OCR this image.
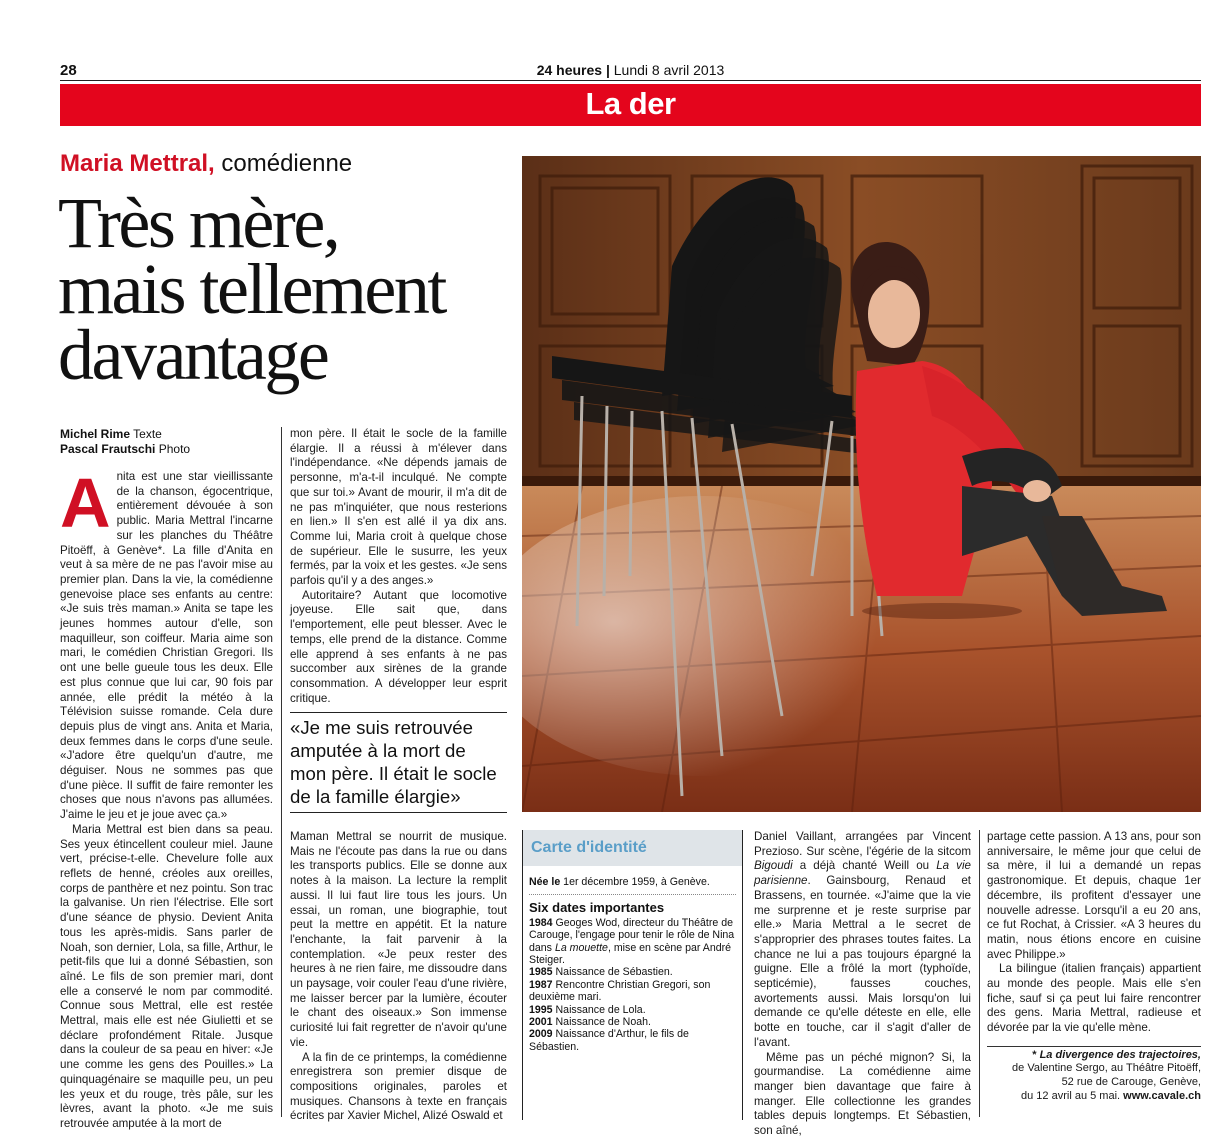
28	24 heures | Lundi 8 avril 2013
La der
Maria Mettral, comédienne
Très mère,
mais tellement
davantage
Michel Rime Texte
Pascal Frautschi Photo

Anita est une star vieillissante de la chanson, égocentrique, entièrement dévouée à son public. Maria Mettral l'incarne sur les planches du Théâtre Pitoëff, à Genève*. La fille d'Anita en veut à sa mère de ne pas l'avoir mise au premier plan. Dans la vie, la comédienne genevoise place ses enfants au centre: «Je suis très maman.» Anita se tape les jeunes hommes autour d'elle, son maquilleur, son coiffeur. Maria aime son mari, le comédien Christian Gregori. Ils ont une belle gueule tous les deux. Elle est plus connue que lui car, 90 fois par année, elle prédit la météo à la Télévision suisse romande. Cela dure depuis plus de vingt ans. Anita et Maria, deux femmes dans le corps d'une seule. «J'adore être quelqu'un d'autre, me déguiser. Nous ne sommes pas que d'une pièce. Il suffit de faire remonter les choses que nous n'avons pas allumées. J'aime le jeu et je joue avec ça.»

Maria Mettral est bien dans sa peau. Ses yeux étincellent couleur miel. Jaune vert, précise-t-elle. Chevelure folle aux reflets de henné, créoles aux oreilles, corps de panthère et nez pointu. Son trac la galvanise. Un rien l'électrise. Elle sort d'une séance de physio. Devient Anita tous les après-midis. Sans parler de Noah, son dernier, Lola, sa fille, Arthur, le petit-fils que lui a donné Sébastien, son aîné. Le fils de son premier mari, dont elle a conservé le nom par commodité. Connue sous Mettral, elle est restée Mettral, mais elle est née Giulietti et se déclare profondément Ritale. Jusque dans la couleur de sa peau en hiver: «Je une comme les gens des Pouilles.» La quinquagénaire se maquille peu, un peu les yeux et du rouge, très pâle, sur les lèvres, avant la photo. «Je me suis retrouvée amputée à la mort de

mon père. Il était le socle de la famille élargie. Il a réussi à m'élever dans l'indépendance. «Ne dépends jamais de personne, m'a-t-il inculqué. Ne compte que sur toi.» Avant de mourir, il m'a dit de ne pas m'inquiéter, que nous resterions en lien.» Il s'en est allé il ya dix ans. Comme lui, Maria croit à quelque chose de supérieur. Elle le susurre, les yeux fermés, par la voix et les gestes. «Je sens parfois qu'il y a des anges.»

Autoritaire? Autant que locomotive joyeuse. Elle sait que, dans l'emportement, elle peut blesser. Avec le temps, elle prend de la distance. Comme elle apprend à ses enfants à ne pas succomber aux sirènes de la grande consommation. A développer leur esprit critique.

«Je me suis retrouvée amputée à la mort de mon père. Il était le socle de la famille élargie»

Maman Mettral se nourrit de musique. Mais ne l'écoute pas dans la rue ou dans les transports publics. Elle se donne aux notes à la maison. La lecture la remplit aussi. Il lui faut lire tous les jours. Un essai, un roman, une biographie, tout peut la mettre en appétit. Et la nature l'enchante, la fait parvenir à la contemplation. «Je peux rester des heures à ne rien faire, me dissoudre dans un paysage, voir couler l'eau d'une rivière, me laisser bercer par la lumière, écouter le chant des oiseaux.» Son immense curiosité lui fait regretter de n'avoir qu'une vie.

A la fin de ce printemps, la comédienne enregistrera son premier disque de compositions originales, paroles et musiques. Chansons à texte en français écrites par Xavier Michel, Alizé Oswald et

Carte d'identité
Née le 1er décembre 1959, à Genève.
Six dates importantes

1984 Geoges Wod, directeur du Théâtre de Carouge, l'engage pour tenir le rôle de Nina dans La mouette, mise en scène par André Steiger.

1985 Naissance de Sébastien.

1987 Rencontre Christian Gregori, son deuxième mari.

1995 Naissance de Lola.

2001 Naissance de Noah.

2009 Naissance d'Arthur, le fils de Sébastien.

Daniel Vaillant, arrangées par Vincent Prezioso. Sur scène, l'égérie de la sitcom Bigoudi a déjà chanté Weill ou La vie parisienne. Gainsbourg, Renaud et Brassens, en tournée. «J'aime que la vie me surprenne et je reste surprise par elle.» Maria Mettral a le secret de s'approprier des phrases toutes faites. La chance ne lui a pas toujours épargné la guigne. Elle a frôlé la mort (typhoïde, septicémie), fausses couches, avortements aussi. Mais lorsqu'on lui demande ce qu'elle déteste en elle, elle botte en touche, car il s'agit d'aller de l'avant.

Même pas un péché mignon? Si, la gourmandise. La comédienne aime manger bien davantage que faire à manger. Elle collectionne les grandes tables depuis longtemps. Et Sébastien, son aîné,

partage cette passion. A 13 ans, pour son anniversaire, le même jour que celui de sa mère, il lui a demandé un repas gastronomique. Et depuis, chaque 1er décembre, ils profitent d'essayer une nouvelle adresse. Lorsqu'il a eu 20 ans, ce fut Rochat, à Crissier. «A 3 heures du matin, nous étions encore en cuisine avec Philippe.»

La bilingue (italien français) appartient au monde des people. Mais elle s'en fiche, sauf si ça peut lui faire rencontrer des gens. Maria Mettral, radieuse et dévorée par la vie qu'elle mène.

* La divergence des trajectoires,
de Valentine Sergo, au Théâtre Pitoëff,
52 rue de Carouge, Genève,
du 12 avril au 5 mai. www.cavale.ch
